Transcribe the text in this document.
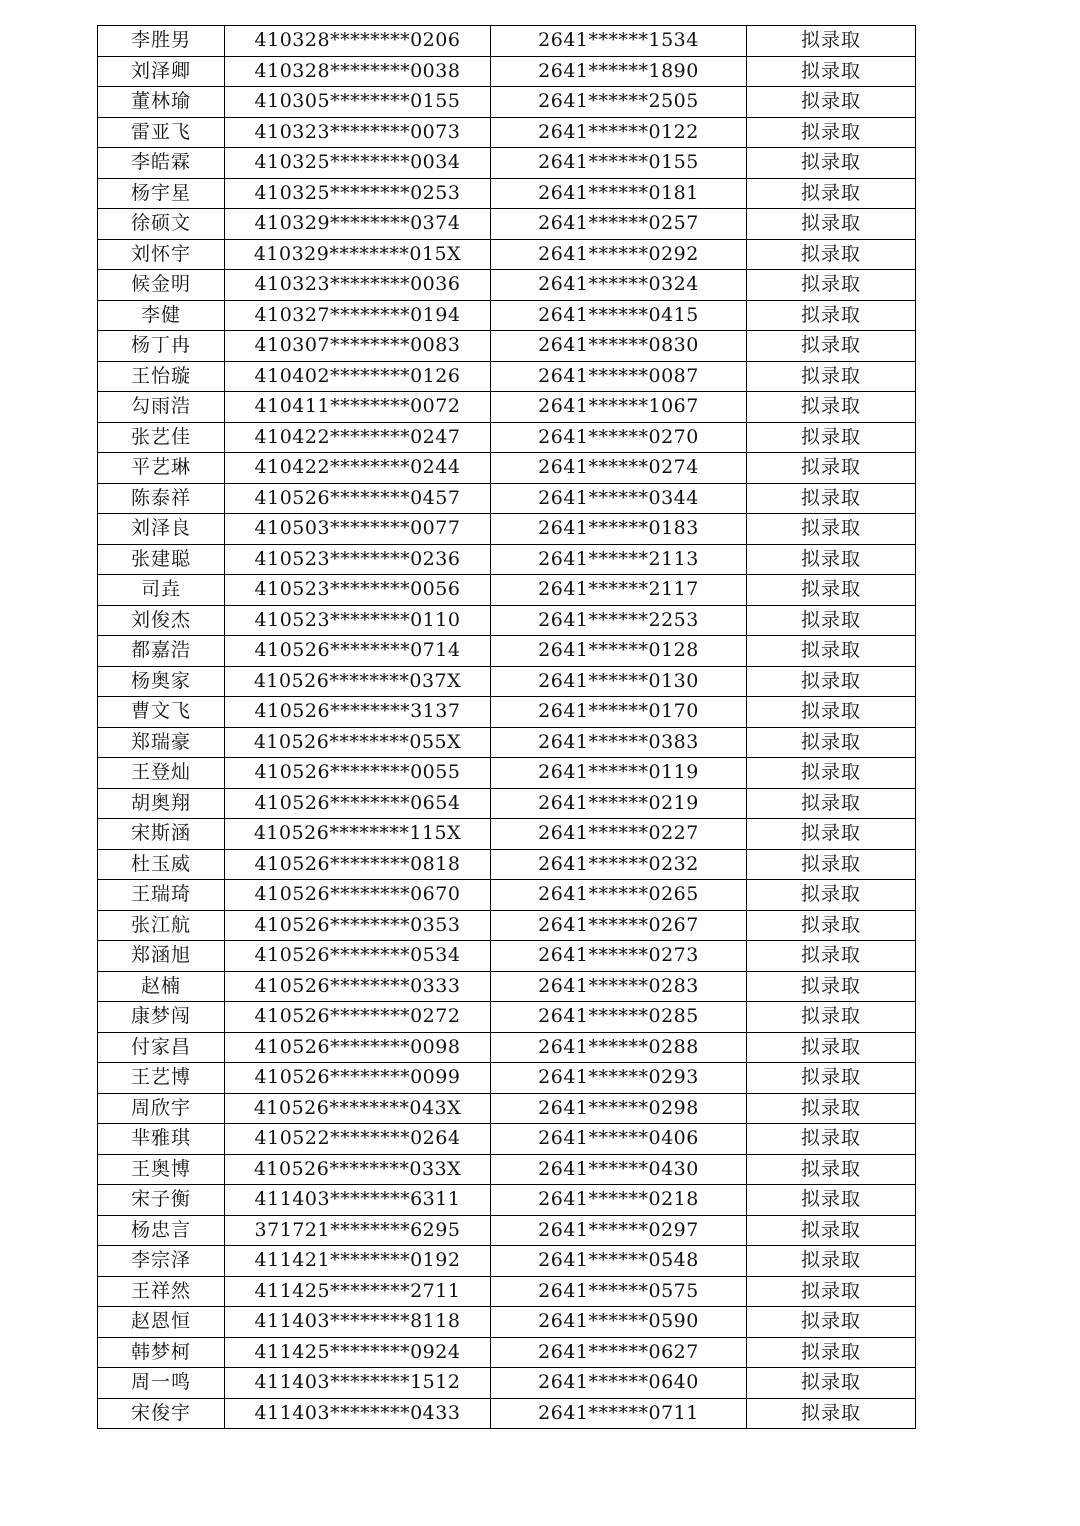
李胜男	410328********0206	2641******1534	拟录取
刘泽卿	410328********0038	2641******1890	拟录取
董林瑜	410305********0155	2641******2505	拟录取
雷亚飞	410323********0073	2641******0122	拟录取
李皓霖	410325********0034	2641******0155	拟录取
杨宇星	410325********0253	2641******0181	拟录取
徐硕文	410329********0374	2641******0257	拟录取
刘怀宇	410329********015X	2641******0292	拟录取
候金明	410323********0036	2641******0324	拟录取
李健	410327********0194	2641******0415	拟录取
杨丁冉	410307********0083	2641******0830	拟录取
王怡璇	410402********0126	2641******0087	拟录取
勾雨浩	410411********0072	2641******1067	拟录取
张艺佳	410422********0247	2641******0270	拟录取
平艺琳	410422********0244	2641******0274	拟录取
陈泰祥	410526********0457	2641******0344	拟录取
刘泽良	410503********0077	2641******0183	拟录取
张建聪	410523********0236	2641******2113	拟录取
司垚	410523********0056	2641******2117	拟录取
刘俊杰	410523********0110	2641******2253	拟录取
都嘉浩	410526********0714	2641******0128	拟录取
杨奥家	410526********037X	2641******0130	拟录取
曹文飞	410526********3137	2641******0170	拟录取
郑瑞豪	410526********055X	2641******0383	拟录取
王登灿	410526********0055	2641******0119	拟录取
胡奥翔	410526********0654	2641******0219	拟录取
宋斯涵	410526********115X	2641******0227	拟录取
杜玉威	410526********0818	2641******0232	拟录取
王瑞琦	410526********0670	2641******0265	拟录取
张江航	410526********0353	2641******0267	拟录取
郑涵旭	410526********0534	2641******0273	拟录取
赵楠	410526********0333	2641******0283	拟录取
康梦闯	410526********0272	2641******0285	拟录取
付家昌	410526********0098	2641******0288	拟录取
王艺博	410526********0099	2641******0293	拟录取
周欣宇	410526********043X	2641******0298	拟录取
芈雅琪	410522********0264	2641******0406	拟录取
王奥博	410526********033X	2641******0430	拟录取
宋子衡	411403********6311	2641******0218	拟录取
杨忠言	371721********6295	2641******0297	拟录取
李宗泽	411421********0192	2641******0548	拟录取
王祥然	411425********2711	2641******0575	拟录取
赵恩恒	411403********8118	2641******0590	拟录取
韩梦柯	411425********0924	2641******0627	拟录取
周一鸣	411403********1512	2641******0640	拟录取
宋俊宇	411403********0433	2641******0711	拟录取
